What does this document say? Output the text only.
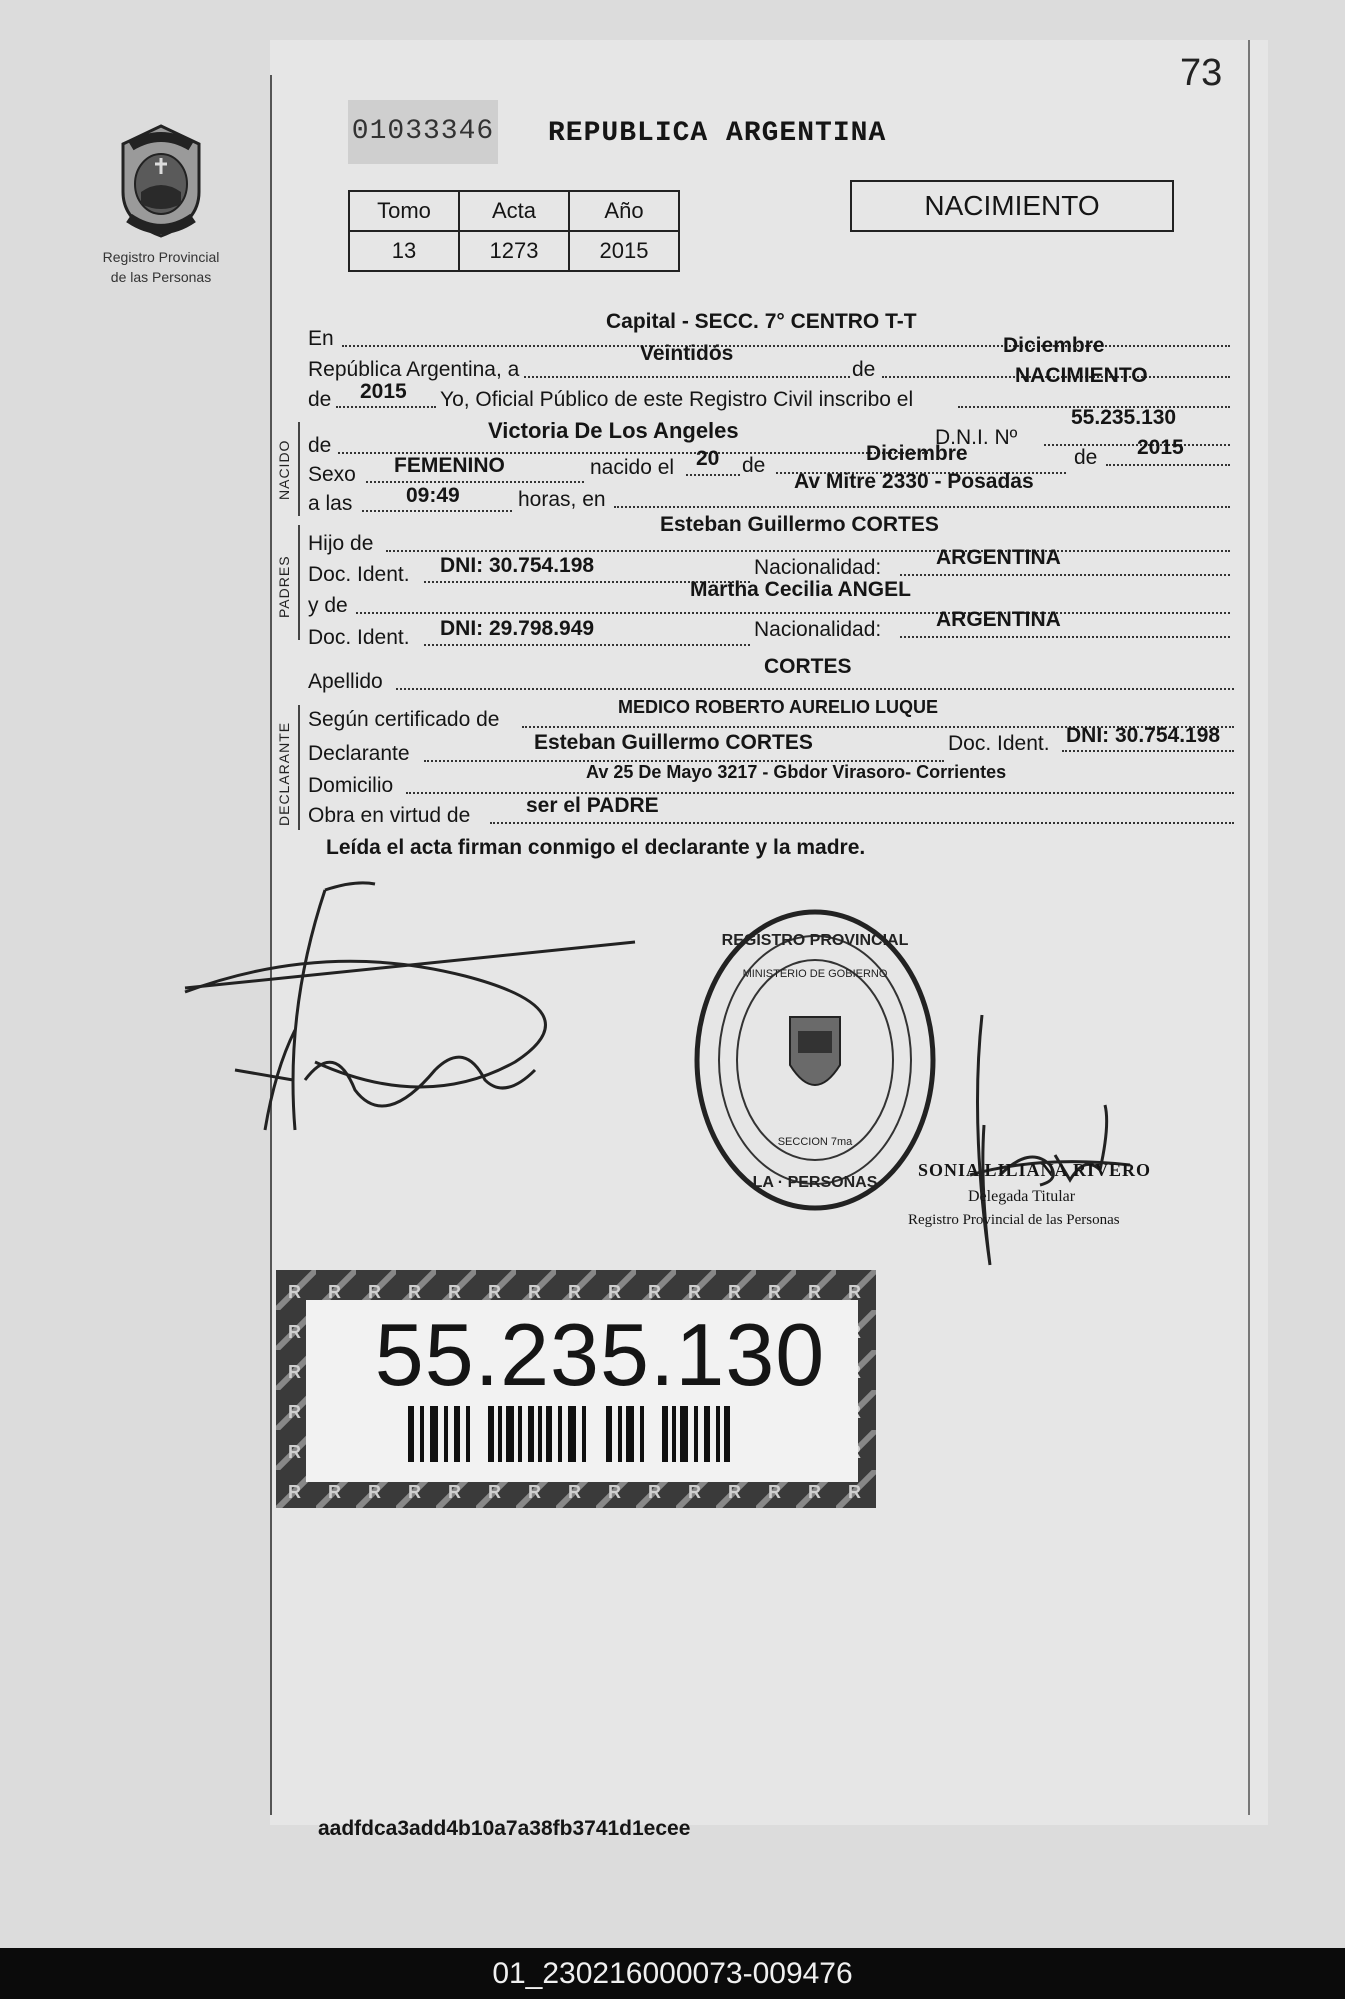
73
Registro Provincial
de las Personas
01033346 REPUBLICA ARGENTINA
Tomo	Acta	Año
13	1273	2015
NACIMIENTO
NACIDO
PADRES
DECLARANTE
En
Capital - SECC. 7° CENTRO T-T
República Argentina, a
Veintidós
de
Diciembre
de	2015 Yo, Oficial Público de este Registro Civil inscribo el
NACIMIENTO
de
Victoria De Los Angeles	D.N.I. Nº
55.235.130
Sexo	FEMENINO	nacido el	20 de
Diciembre	de	2015
a las	09:49	horas, en
Av Mitre 2330 - Posadas
Hijo de
Esteban Guillermo CORTES
Doc. Ident.	DNI: 30.754.198	Nacionalidad:	ARGENTINA
y de
Martha Cecilia ANGEL
Doc. Ident.	DNI: 29.798.949	Nacionalidad:	ARGENTINA
Apellido
CORTES
Según certificado de
MEDICO ROBERTO AURELIO LUQUE
Declarante	Esteban Guillermo CORTES	Doc. Ident. DNI: 30.754.198
Domicilio
Av 25 De Mayo 3217 - Gbdor Virasoro- Corrientes
Obra en virtud de	ser el PADRE
Leída el acta firman conmigo el declarante y la madre.
REGISTRO PROVINCIAL
LA · PERSONAS
MINISTERIO DE GOBIERNO
SECCION 7ma
SONIA LILIANA RIVERO
Delegada Titular
Registro Provincial de las Personas
55.235.130
aadfdca3add4b10a7a38fb3741d1ecee
01_230216000073-009476
